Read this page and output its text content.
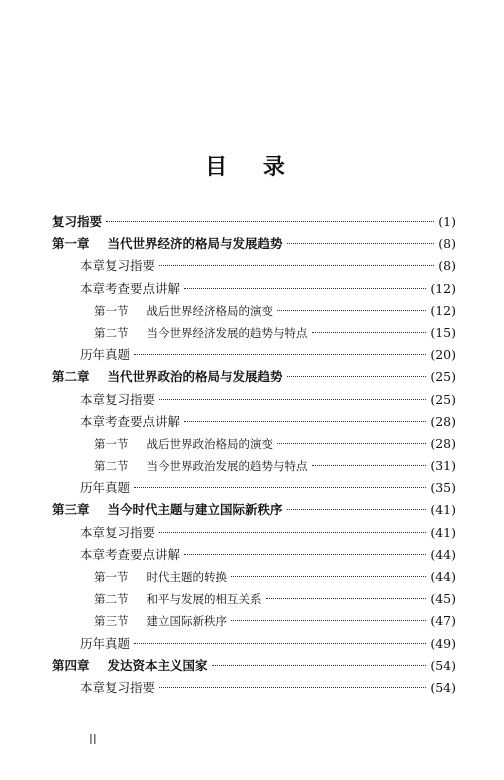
目 录
复习指要	(1)
第一章 当代世界经济的格局与发展趋势	(8)
本章复习指要	(8)
本章考查要点讲解	(12)
第一节 战后世界经济格局的演变	(12)
第二节 当今世界经济发展的趋势与特点	(15)
历年真题	(20)
第二章 当代世界政治的格局与发展趋势	(25)
本章复习指要	(25)
本章考查要点讲解	(28)
第一节 战后世界政治格局的演变	(28)
第二节 当今世界政治发展的趋势与特点	(31)
历年真题	(35)
第三章 当今时代主题与建立国际新秩序	(41)
本章复习指要	(41)
本章考查要点讲解	(44)
第一节 时代主题的转换	(44)
第二节 和平与发展的相互关系	(45)
第三节 建立国际新秩序	(47)
历年真题	(49)
第四章 发达资本主义国家	(54)
本章复习指要	(54)
II
